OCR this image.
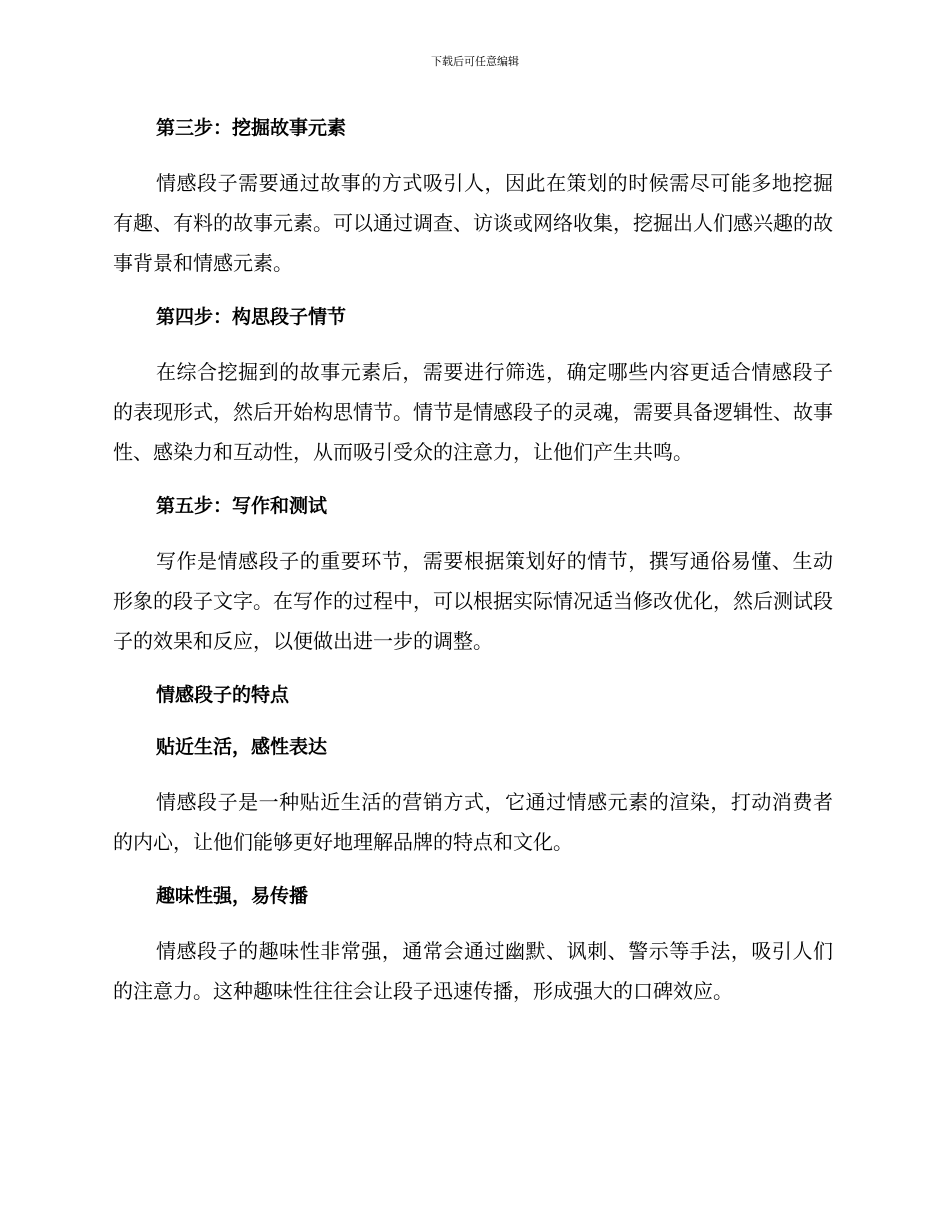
下载后可任意编辑
第三步：挖掘故事元素

情感段子需要通过故事的方式吸引人，因此在策划的时候需尽可能多地挖掘有趣、有料的故事元素。可以通过调查、访谈或网络收集，挖掘出人们感兴趣的故事背景和情感元素。

第四步：构思段子情节

在综合挖掘到的故事元素后，需要进行筛选，确定哪些内容更适合情感段子的表现形式，然后开始构思情节。情节是情感段子的灵魂，需要具备逻辑性、故事性、感染力和互动性，从而吸引受众的注意力，让他们产生共鸣。

第五步：写作和测试

写作是情感段子的重要环节，需要根据策划好的情节，撰写通俗易懂、生动形象的段子文字。在写作的过程中，可以根据实际情况适当修改优化，然后测试段子的效果和反应，以便做出进一步的调整。

情感段子的特点
贴近生活，感性表达

情感段子是一种贴近生活的营销方式，它通过情感元素的渲染，打动消费者的内心，让他们能够更好地理解品牌的特点和文化。

趣味性强，易传播

情感段子的趣味性非常强，通常会通过幽默、讽刺、警示等手法，吸引人们的注意力。这种趣味性往往会让段子迅速传播，形成强大的口碑效应。
